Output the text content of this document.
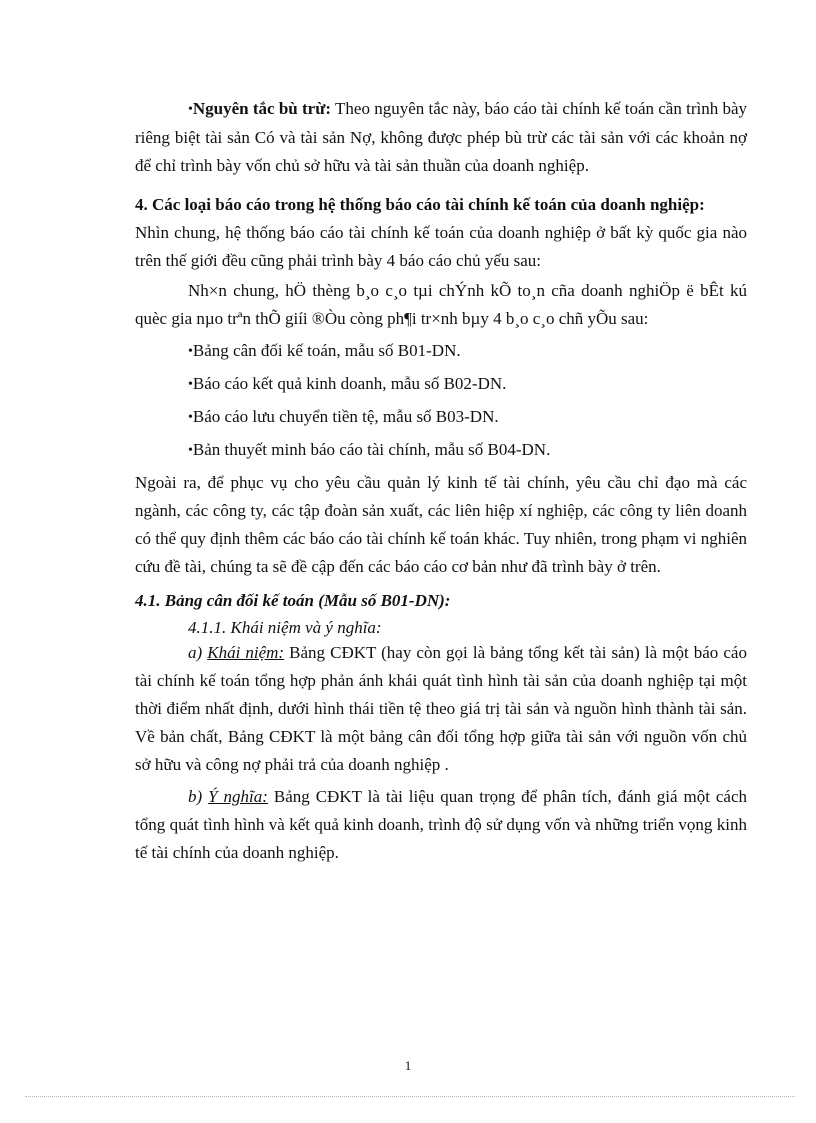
•Nguyên tắc bù trừ: Theo nguyên tắc này, báo cáo tài chính kế toán cần trình bày riêng biệt tài sản Có và tài sản Nợ, không được phép bù trừ các tài sản với các khoản nợ để chỉ trình bày vốn chủ sở hữu và tài sản thuần của doanh nghiệp.

4. Các loại báo cáo trong hệ thống báo cáo tài chính kế toán của doanh nghiệp:

Nhìn chung, hệ thống báo cáo tài chính kế toán của doanh nghiệp ở bất kỳ quốc gia nào trên thế giới đều cũng phải trình bày 4 báo cáo chủ yếu sau:

Nh×n chung, hÖ thèng b¸o c¸o tµi chÝnh kÕ to¸n cña doanh nghiÖp ë bÊt kú quèc gia nµo trªn thÕ giíi ®Òu còng ph¶i tr×nh bµy 4 b¸o c¸o chñ yÕu sau:

•Bảng cân đối kế toán, mẫu số B01-DN.

•Báo cáo kết quả kinh doanh, mẫu số B02-DN.

•Báo cáo lưu chuyển tiền tệ, mẫu số B03-DN.

•Bản thuyết minh báo cáo tài chính, mẫu số B04-DN.

Ngoài ra, để phục vụ cho yêu cầu quản lý kinh tế tài chính, yêu cầu chỉ đạo mà các ngành, các công ty, các tập đoàn sản xuất, các liên hiệp xí nghiệp, các công ty liên doanh có thể quy định thêm các báo cáo tài chính kế toán khác. Tuy nhiên, trong phạm vi nghiên cứu đề tài, chúng ta sẽ đề cập đến các báo cáo cơ bản như đã trình bày ở trên.

4.1. Bảng cân đối kế toán (Mẫu số B01-DN):

4.1.1. Khái niệm và ý nghĩa:

a) Khái niệm: Bảng CĐKT (hay còn gọi là bảng tổng kết tài sản) là một báo cáo tài chính kế toán tổng hợp phản ánh khái quát tình hình tài sản của doanh nghiệp tại một thời điểm nhất định, dưới hình thái tiền tệ theo giá trị tài sản và nguồn hình thành tài sản. Về bản chất, Bảng CĐKT là một bảng cân đối tổng hợp giữa tài sản với nguồn vốn chủ sở hữu và công nợ phải trả của doanh nghiệp .

b) Ý nghĩa: Bảng CĐKT là tài liệu quan trọng để phân tích, đánh giá một cách tổng quát tình hình và kết quả kinh doanh, trình độ sử dụng vốn và những triển vọng kinh tế tài chính của doanh nghiệp.

1
